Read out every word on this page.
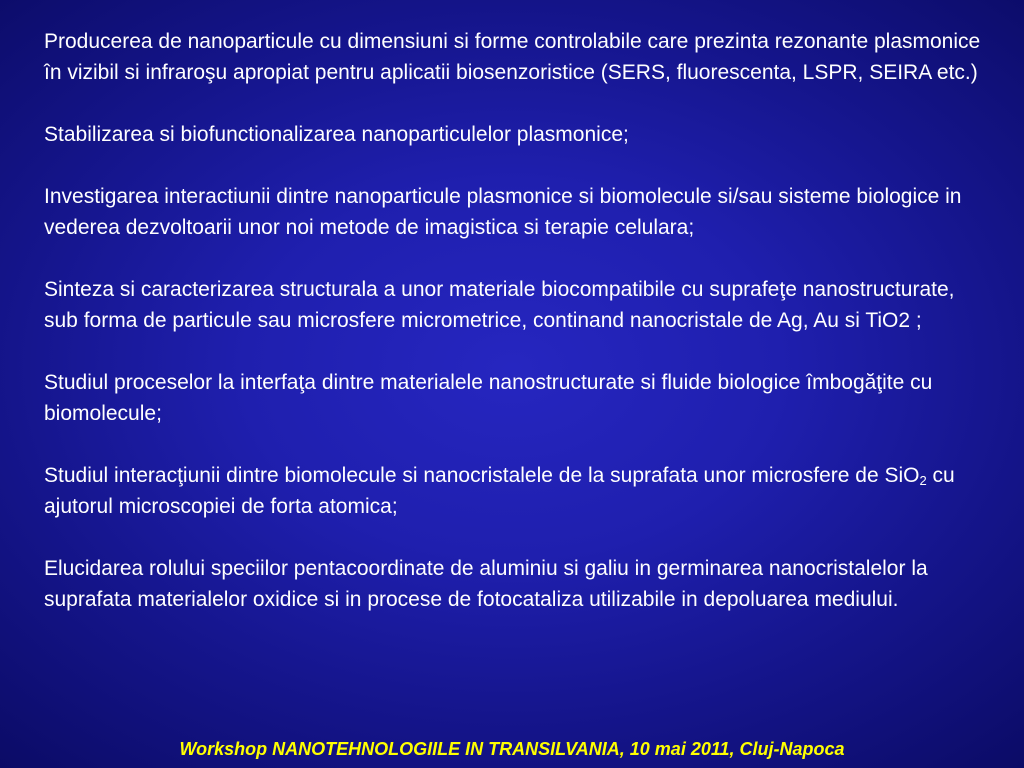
Producerea de nanoparticule cu dimensiuni si forme controlabile care prezinta rezonante plasmonice în vizibil si infraroşu apropiat pentru aplicatii biosenzoristice (SERS, fluorescenta, LSPR, SEIRA etc.)

Stabilizarea si biofunctionalizarea nanoparticulelor plasmonice;

Investigarea interactiunii dintre nanoparticule plasmonice si biomolecule si/sau sisteme biologice in vederea dezvoltoarii unor noi metode de imagistica si terapie celulara;

Sinteza si caracterizarea structurala a unor materiale biocompatibile cu suprafeţe nanostructurate, sub forma de particule sau microsfere micrometrice, continand nanocristale de Ag, Au si TiO2 ;

Studiul proceselor la interfaţa dintre materialele nanostructurate si fluide biologice îmbogăţite cu biomolecule;

Studiul interacţiunii dintre biomolecule si nanocristalele de la suprafata unor microsfere de SiO$_2$ cu ajutorul microscopiei de forta atomica;

Elucidarea rolului speciilor pentacoordinate de aluminiu si galiu in germinarea nanocristalelor la suprafata materialelor oxidice si in procese de fotocataliza utilizabile in depoluarea mediului.

Workshop NANOTEHNOLOGIILE IN TRANSILVANIA, 10 mai 2011, Cluj-Napoca
